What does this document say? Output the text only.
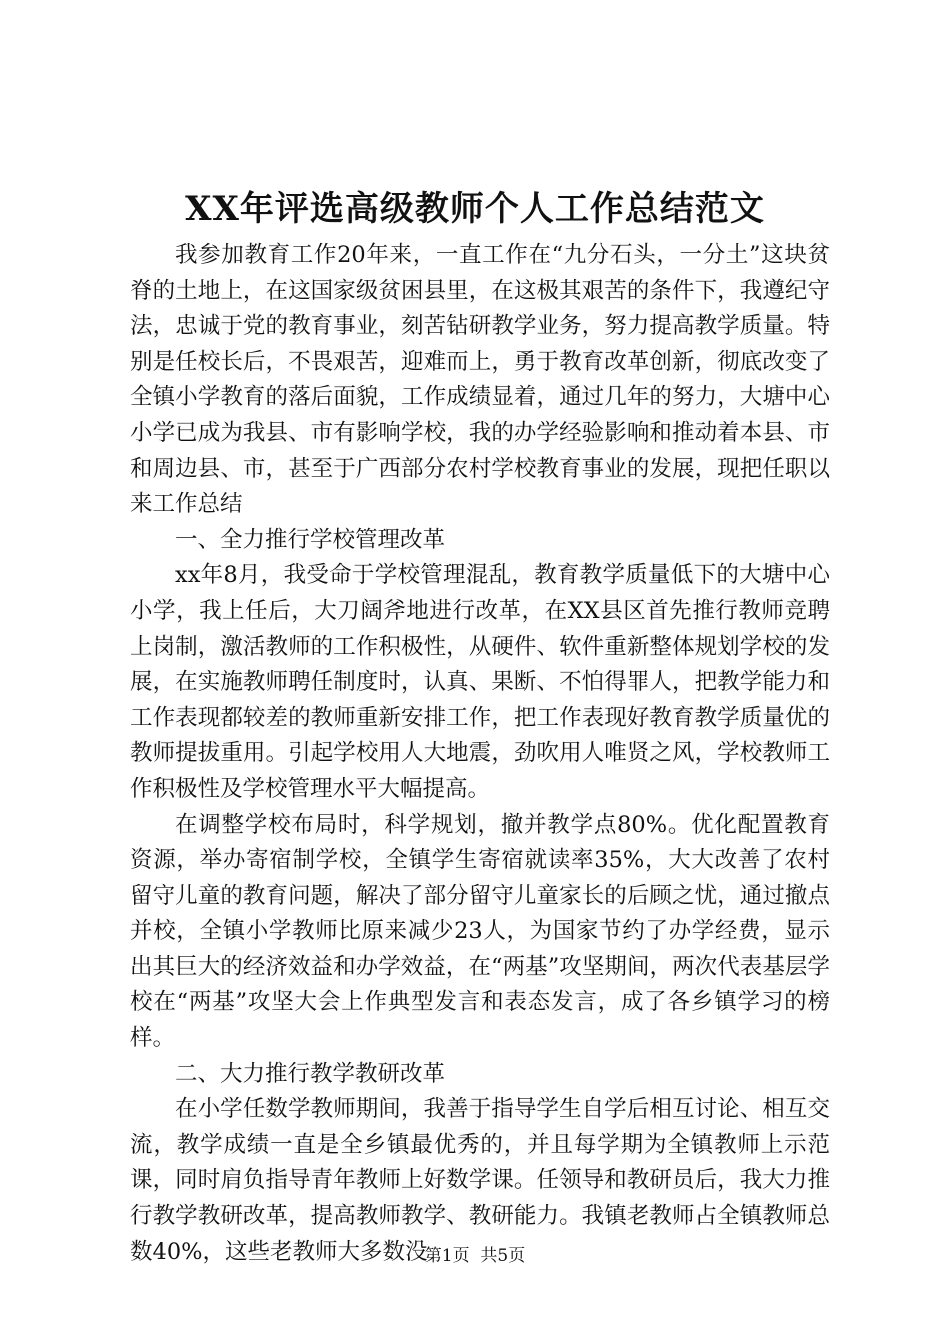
XX年评选高级教师个人工作总结范文

我参加教育工作20年来，一直工作在“九分石头，一分土”这块贫脊的土地上，在这国家级贫困县里，在这极其艰苦的条件下，我遵纪守法，忠诚于党的教育事业，刻苦钻研教学业务，努力提高教学质量。特别是任校长后，不畏艰苦，迎难而上，勇于教育改革创新，彻底改变了全镇小学教育的落后面貌，工作成绩显着，通过几年的努力，大塘中心小学已成为我县、市有影响学校，我的办学经验影响和推动着本县、市和周边县、市，甚至于广西部分农村学校教育事业的发展，现把任职以来工作总结

一、全力推行学校管理改革

xx年8月，我受命于学校管理混乱，教育教学质量低下的大塘中心小学，我上任后，大刀阔斧地进行改革，在XX县区首先推行教师竞聘上岗制，激活教师的工作积极性，从硬件、软件重新整体规划学校的发展，在实施教师聘任制度时，认真、果断、不怕得罪人，把教学能力和工作表现都较差的教师重新安排工作，把工作表现好教育教学质量优的教师提拔重用。引起学校用人大地震，劲吹用人唯贤之风，学校教师工作积极性及学校管理水平大幅提高。

在调整学校布局时，科学规划，撤并教学点80%。优化配置教育资源，举办寄宿制学校，全镇学生寄宿就读率35%，大大改善了农村留守儿童的教育问题，解决了部分留守儿童家长的后顾之忧，通过撤点并校，全镇小学教师比原来减少23人，为国家节约了办学经费，显示出其巨大的经济效益和办学效益，在“两基”攻坚期间，两次代表基层学校在“两基”攻坚大会上作典型发言和表态发言，成了各乡镇学习的榜样。

二、大力推行教学教研改革

在小学任数学教师期间，我善于指导学生自学后相互讨论、相互交流，教学成绩一直是全乡镇最优秀的，并且每学期为全镇教师上示范课，同时肩负指导青年教师上好数学课。任领导和教研员后，我大力推行教学教研改革，提高教师教学、教研能力。我镇老教师占全镇教师总数40%，这些老教师大多数没

第1页  共5页
